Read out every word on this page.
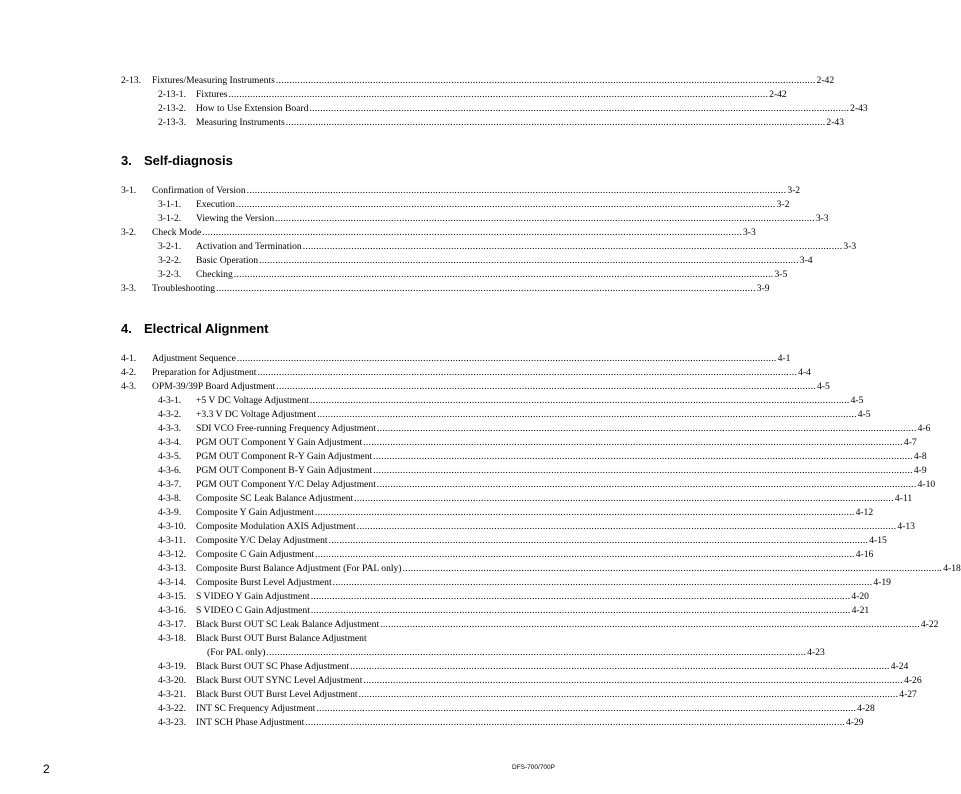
2-13. Fixtures/Measuring Instruments ........................................................................................................................................................................................................ 2-42
2-13-1. Fixtures ........................................................................................................................................................................................................ 2-42
2-13-2. How to Use Extension Board ........................................................................................................................................................................................................ 2-43
2-13-3. Measuring Instruments ........................................................................................................................................................................................................ 2-43
3. Self-diagnosis
3-1. Confirmation of Version ........................................................................................................................................................................................................ 3-2
3-1-1. Execution ........................................................................................................................................................................................................ 3-2
3-1-2. Viewing the Version ........................................................................................................................................................................................................ 3-3
3-2. Check Mode ........................................................................................................................................................................................................ 3-3
3-2-1. Activation and Termination ........................................................................................................................................................................................................ 3-3
3-2-2. Basic Operation ........................................................................................................................................................................................................ 3-4
3-2-3. Checking ........................................................................................................................................................................................................ 3-5
3-3. Troubleshooting ........................................................................................................................................................................................................ 3-9
4. Electrical Alignment
4-1. Adjustment Sequence ........................................................................................................................................................................................................ 4-1
4-2. Preparation for Adjustment ........................................................................................................................................................................................................ 4-4
4-3. OPM-39/39P Board Adjustment ........................................................................................................................................................................................................ 4-5
4-3-1. +5 V DC Voltage Adjustment ........................................................................................................................................................................................................ 4-5
4-3-2. +3.3 V DC Voltage Adjustment ........................................................................................................................................................................................................ 4-5
4-3-3. SDI VCO Free-running Frequency Adjustment ........................................................................................................................................................................................................ 4-6
4-3-4. PGM OUT Component Y Gain Adjustment ........................................................................................................................................................................................................ 4-7
4-3-5. PGM OUT Component R-Y Gain Adjustment ........................................................................................................................................................................................................ 4-8
4-3-6. PGM OUT Component B-Y Gain Adjustment ........................................................................................................................................................................................................ 4-9
4-3-7. PGM OUT Component Y/C Delay Adjustment ........................................................................................................................................................................................................ 4-10
4-3-8. Composite SC Leak Balance Adjustment ........................................................................................................................................................................................................ 4-11
4-3-9. Composite Y Gain Adjustment ........................................................................................................................................................................................................ 4-12
4-3-10. Composite Modulation AXIS Adjustment ........................................................................................................................................................................................................ 4-13
4-3-11. Composite Y/C Delay Adjustment ........................................................................................................................................................................................................ 4-15
4-3-12. Composite C Gain Adjustment ........................................................................................................................................................................................................ 4-16
4-3-13. Composite Burst Balance Adjustment (For PAL only) ........................................................................................................................................................................................................ 4-18
4-3-14. Composite Burst Level Adjustment ........................................................................................................................................................................................................ 4-19
4-3-15. S VIDEO Y Gain Adjustment ........................................................................................................................................................................................................ 4-20
4-3-16. S VIDEO C Gain Adjustment ........................................................................................................................................................................................................ 4-21
4-3-17. Black Burst OUT SC Leak Balance Adjustment ........................................................................................................................................................................................................ 4-22
4-3-18. Black Burst OUT Burst Balance Adjustment
(For PAL only) ........................................................................................................................................................................................................ 4-23
4-3-19. Black Burst OUT SC Phase Adjustment ........................................................................................................................................................................................................ 4-24
4-3-20. Black Burst OUT SYNC Level Adjustment ........................................................................................................................................................................................................ 4-26
4-3-21. Black Burst OUT Burst Level Adjustment ........................................................................................................................................................................................................ 4-27
4-3-22. INT SC Frequency Adjustment ........................................................................................................................................................................................................ 4-28
4-3-23. INT SCH Phase Adjustment ........................................................................................................................................................................................................ 4-29
2	DFS-700/700P
